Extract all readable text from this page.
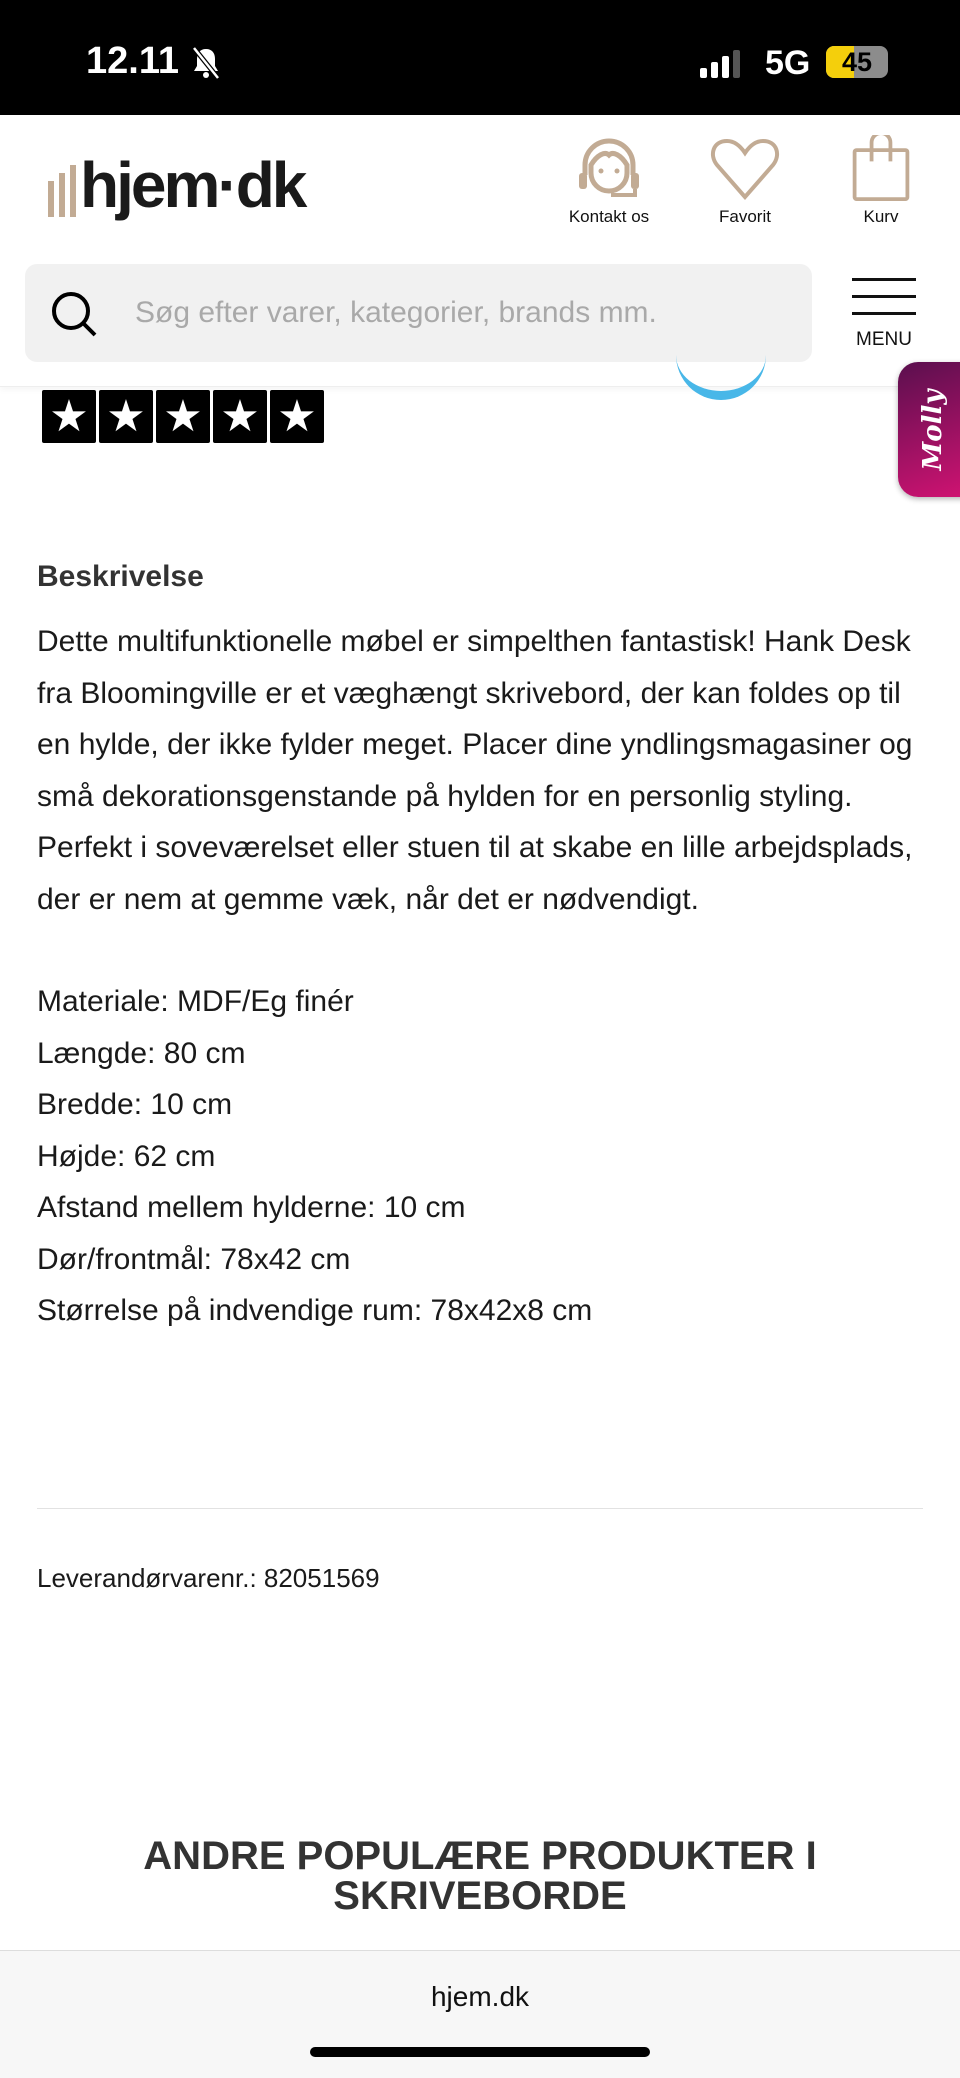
12.11	5G	45
hjem·dk	Kontakt os	Favorit	Kurv
Søg efter varer, kategorier, brands mm.
MENU
★ ★ ★ ★ ★	Molly
Beskrivelse
Dette multifunktionelle møbel er simpelthen fantastisk! Hank Desk fra Bloomingville er et væghængt skrivebord, der kan foldes op til en hylde, der ikke fylder meget. Placer dine yndlingsmagasiner og små dekorationsgenstande på hylden for en personlig styling. Perfekt i soveværelset eller stuen til at skabe en lille arbejdsplads, der er nem at gemme væk, når det er nødvendigt.
Materiale: MDF/Eg finér
Længde: 80 cm
Bredde: 10 cm
Højde: 62 cm
Afstand mellem hylderne: 10 cm
Dør/frontmål: 78x42 cm
Størrelse på indvendige rum: 78x42x8 cm
Leverandørvarenr.: 82051569
ANDRE POPULÆRE PRODUKTER I SKRIVEBORDE
hjem.dk
